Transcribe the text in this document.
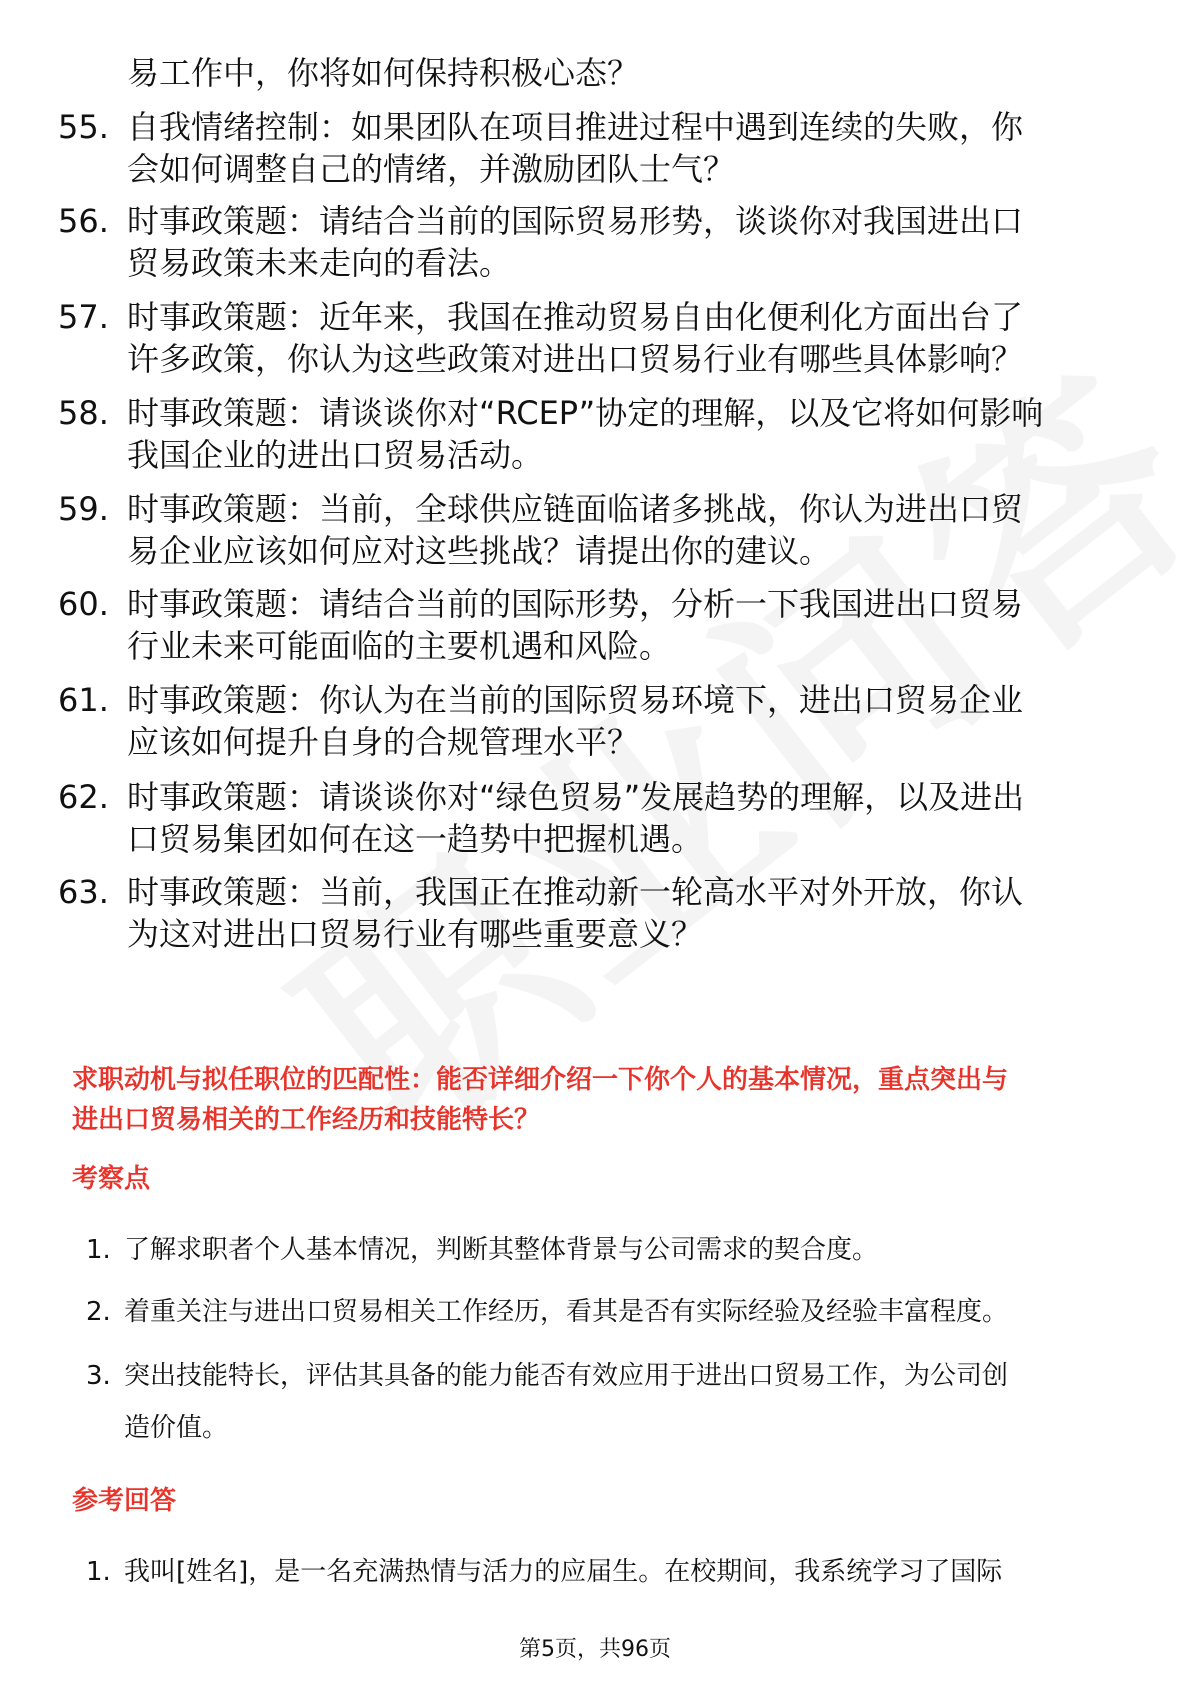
易工作中，你将如何保持积极心态？
55. 自我情绪控制：如果团队在项目推进过程中遇到连续的失败，你
会如何调整自己的情绪，并激励团队士气？
56. 时事政策题：请结合当前的国际贸易形势，谈谈你对我国进出口
贸易政策未来走向的看法。
57. 时事政策题：近年来，我国在推动贸易自由化便利化方面出台了
许多政策，你认为这些政策对进出口贸易行业有哪些具体影响？
58. 时事政策题：请谈谈你对“RCEP”协定的理解，以及它将如何影响
我国企业的进出口贸易活动。
59. 时事政策题：当前，全球供应链面临诸多挑战，你认为进出口贸
易企业应该如何应对这些挑战？请提出你的建议。
60. 时事政策题：请结合当前的国际形势，分析一下我国进出口贸易
行业未来可能面临的主要机遇和风险。
61. 时事政策题：你认为在当前的国际贸易环境下，进出口贸易企业
应该如何提升自身的合规管理水平？
62. 时事政策题：请谈谈你对“绿色贸易”发展趋势的理解，以及进出
口贸易集团如何在这一趋势中把握机遇。
63. 时事政策题：当前，我国正在推动新一轮高水平对外开放，你认
为这对进出口贸易行业有哪些重要意义？
求职动机与拟任职位的匹配性：能否详细介绍一下你个人的基本情况，重点突出与
进出口贸易相关的工作经历和技能特长？
考察点
1. 了解求职者个人基本情况，判断其整体背景与公司需求的契合度。
2. 着重关注与进出口贸易相关工作经历，看其是否有实际经验及经验丰富程度。
3. 突出技能特长，评估其具备的能力能否有效应用于进出口贸易工作，为公司创
造价值。
参考回答
1. 我叫[姓名]，是一名充满热情与活力的应届生。在校期间，我系统学习了国际
第5页，共96页
